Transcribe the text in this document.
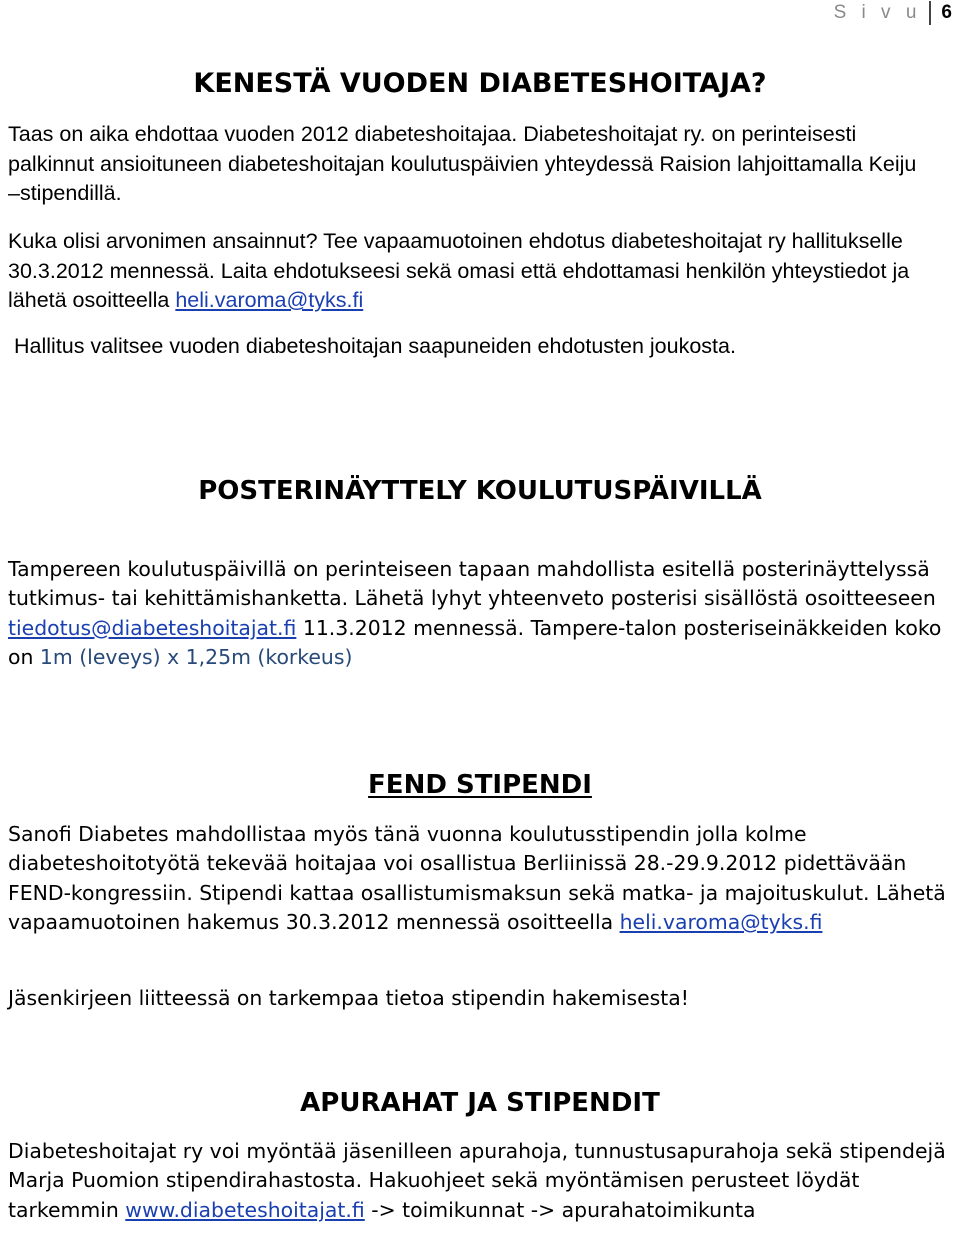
S i v u 6
KENESTÄ VUODEN DIABETESHOITAJA?

Taas on aika ehdottaa vuoden 2012 diabeteshoitajaa. Diabeteshoitajat ry. on perinteisesti palkinnut ansioituneen diabeteshoitajan koulutuspäivien yhteydessä Raision lahjoittamalla Keiju –stipendillä.

Kuka olisi arvonimen ansainnut? Tee vapaamuotoinen ehdotus diabeteshoitajat ry hallitukselle 30.3.2012 mennessä. Laita ehdotukseesi sekä omasi että ehdottamasi henkilön yhteystiedot ja lähetä osoitteella heli.varoma@tyks.fi

Hallitus valitsee vuoden diabeteshoitajan saapuneiden ehdotusten joukosta.

POSTERINÄYTTELY KOULUTUSPÄIVILLÄ

Tampereen koulutuspäivillä on perinteiseen tapaan mahdollista esitellä posterinäyttelyssä tutkimus- tai kehittämishanketta. Lähetä lyhyt yhteenveto posterisi sisällöstä osoitteeseen tiedotus@diabeteshoitajat.fi 11.3.2012 mennessä. Tampere-talon posteriseinäkkeiden koko on 1m (leveys) x 1,25m (korkeus)

FEND STIPENDI

Sanofi Diabetes mahdollistaa myös tänä vuonna koulutusstipendin jolla kolme diabeteshoitotyötä tekevää hoitajaa voi osallistua Berliinissä 28.-29.9.2012 pidettävään FEND-kongressiin. Stipendi kattaa osallistumismaksun sekä matka- ja majoituskulut. Lähetä vapaamuotoinen hakemus 30.3.2012 mennessä osoitteella heli.varoma@tyks.fi

Jäsenkirjeen liitteessä on tarkempaa tietoa stipendin hakemisesta!

APURAHAT JA STIPENDIT

Diabeteshoitajat ry voi myöntää jäsenilleen apurahoja, tunnustusapurahoja sekä stipendejä Marja Puomion stipendirahastosta. Hakuohjeet sekä myöntämisen perusteet löydät tarkemmin www.diabeteshoitajat.fi -> toimikunnat -> apurahatoimikunta
